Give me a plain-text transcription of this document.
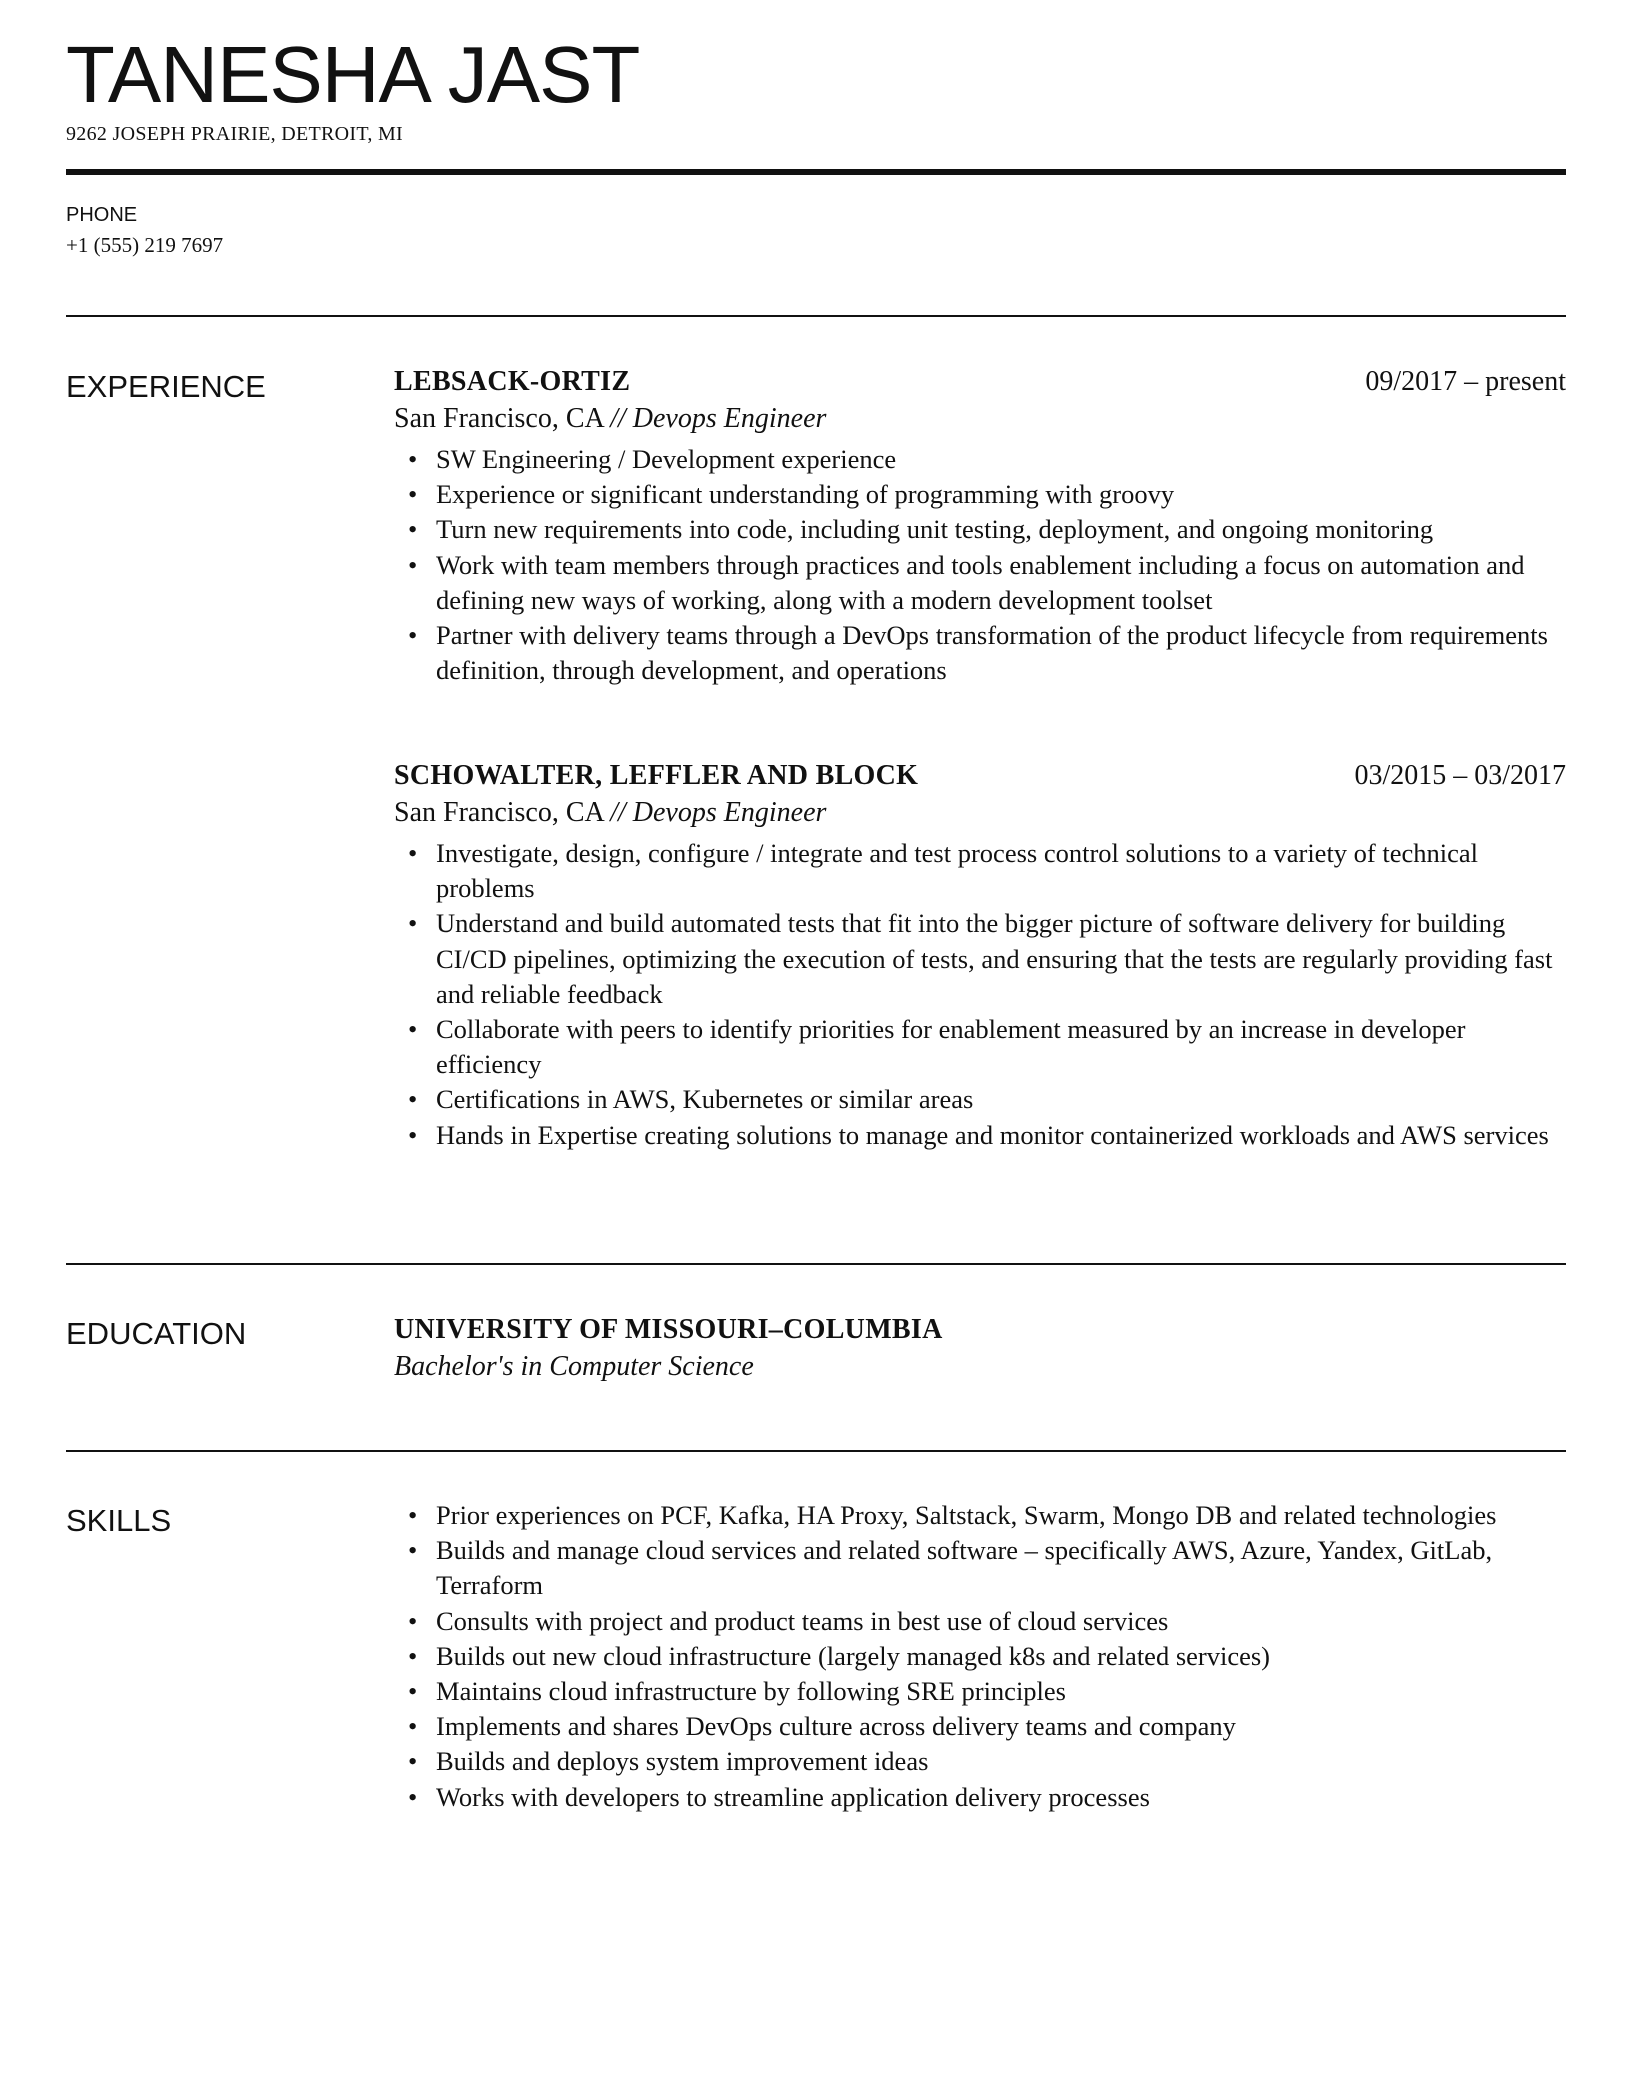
TANESHA JAST
9262 JOSEPH PRAIRIE, DETROIT, MI
PHONE
+1 (555) 219 7697
EXPERIENCE	LEBSACK-ORTIZ	09/2017 – present
San Francisco, CA // Devops Engineer
• SW Engineering / Development experience
• Experience or significant understanding of programming with groovy
• Turn new requirements into code, including unit testing, deployment, and ongoing monitoring
• Work with team members through practices and tools enablement including a focus on automation and defining new ways of working, along with a modern development toolset
• Partner with delivery teams through a DevOps transformation of the product lifecycle from requirements definition, through development, and operations
SCHOWALTER, LEFFLER AND BLOCK	03/2015 – 03/2017
San Francisco, CA // Devops Engineer
• Investigate, design, configure / integrate and test process control solutions to a variety of technical problems
• Understand and build automated tests that fit into the bigger picture of software delivery for building CI/CD pipelines, optimizing the execution of tests, and ensuring that the tests are regularly providing fast and reliable feedback
• Collaborate with peers to identify priorities for enablement measured by an increase in developer efficiency
• Certifications in AWS, Kubernetes or similar areas
• Hands in Expertise creating solutions to manage and monitor containerized workloads and AWS services
EDUCATION	UNIVERSITY OF MISSOURI–COLUMBIA
Bachelor's in Computer Science
SKILLS
•	Prior experiences on PCF, Kafka, HA Proxy, Saltstack, Swarm, Mongo DB and related technologies
• Builds and manage cloud services and related software – specifically AWS, Azure, Yandex, GitLab, Terraform
• Consults with project and product teams in best use of cloud services
• Builds out new cloud infrastructure (largely managed k8s and related services)
• Maintains cloud infrastructure by following SRE principles
• Implements and shares DevOps culture across delivery teams and company
• Builds and deploys system improvement ideas
• Works with developers to streamline application delivery processes
